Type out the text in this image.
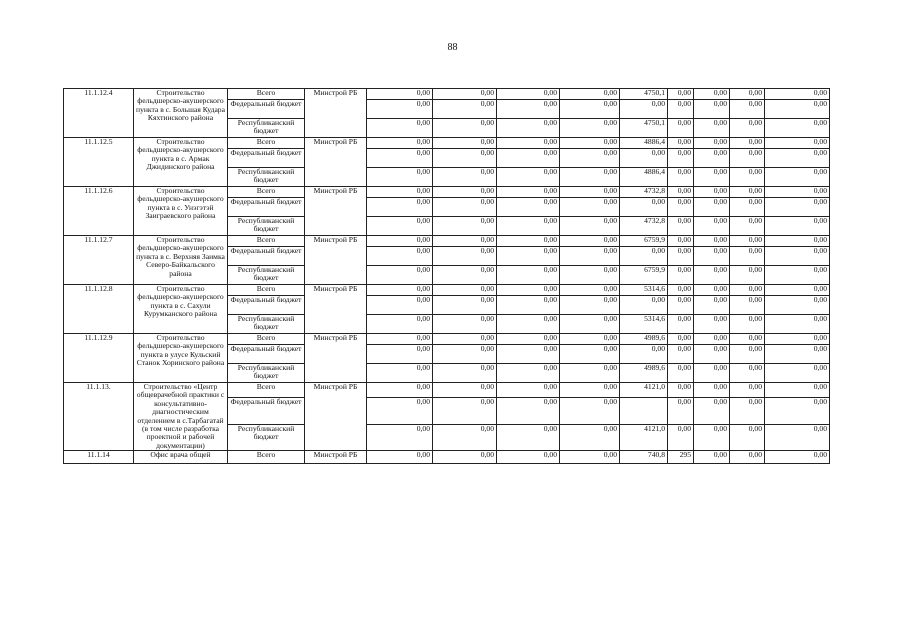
88
11.1.12.4	Строительство фельдшерско-акушерского пункта в с. Большая Кудара Кяхтинского района	Всего	Минстрой РБ	0,00	0,00	0,00	0,00	4750,1	0,00	0,00	0,00	0,00
		Федеральный бюджет		0,00	0,00	0,00	0,00	0,00	0,00	0,00	0,00	0,00
		Республиканский бюджет		0,00	0,00	0,00	0,00	4750,1	0,00	0,00	0,00	0,00
11.1.12.5	Строительство фельдшерско-акушерского пункта в с. Армак Джидинского района	Всего	Минстрой РБ	0,00	0,00	0,00	0,00	4886,4	0,00	0,00	0,00	0,00
		Федеральный бюджет		0,00	0,00	0,00	0,00	0,00	0,00	0,00	0,00	0,00
		Республиканский бюджет		0,00	0,00	0,00	0,00	4886,4	0,00	0,00	0,00	0,00
11.1.12.6	Строительство фельдшерско-акушерского пункта в с. Унэгэтэй Заиграевского района	Всего	Минстрой РБ	0,00	0,00	0,00	0,00	4732,8	0,00	0,00	0,00	0,00
		Федеральный бюджет		0,00	0,00	0,00	0,00	0,00	0,00	0,00	0,00	0,00
		Республиканский бюджет		0,00	0,00	0,00	0,00	4732,8	0,00	0,00	0,00	0,00
11.1.12.7	Строительство фельдшерско-акушерского пункта в с. Верхняя Заимка Северо-Байкальского района	Всего	Минстрой РБ	0,00	0,00	0,00	0,00	6759,9	0,00	0,00	0,00	0,00
		Федеральный бюджет		0,00	0,00	0,00	0,00	0,00	0,00	0,00	0,00	0,00
		Республиканский бюджет		0,00	0,00	0,00	0,00	6759,9	0,00	0,00	0,00	0,00
11.1.12.8	Строительство фельдшерско-акушерского пункта в с. Сахули Курумканского района	Всего	Минстрой РБ	0,00	0,00	0,00	0,00	5314,6	0,00	0,00	0,00	0,00
		Федеральный бюджет		0,00	0,00	0,00	0,00	0,00	0,00	0,00	0,00	0,00
		Республиканский бюджет		0,00	0,00	0,00	0,00	5314,6	0,00	0,00	0,00	0,00
11.1.12.9	Строительство фельдшерско-акушерского пункта в улусе Кульский Станок Хоринского района	Всего	Минстрой РБ	0,00	0,00	0,00	0,00	4989,6	0,00	0,00	0,00	0,00
		Федеральный бюджет		0,00	0,00	0,00	0,00	0,00	0,00	0,00	0,00	0,00
		Республиканский бюджет		0,00	0,00	0,00	0,00	4989,6	0,00	0,00	0,00	0,00
11.1.13.	Строительство «Центр общеврачебной практики с консультативно-диагностическим отделением в с.Тарбагатай (в том числе разработка проектной и рабочей документации)	Всего	Минстрой РБ	0,00	0,00	0,00	0,00	4121,0	0,00	0,00	0,00	0,00
		Федеральный бюджет		0,00	0,00	0,00	0,00		0,00	0,00	0,00	0,00
		Республиканский бюджет		0,00	0,00	0,00	0,00	4121,0	0,00	0,00	0,00	0,00
11.1.14	Офис врача общей	Всего	Минстрой РБ	0,00	0,00	0,00	0,00	740,8	295	0,00	0,00	0,00
